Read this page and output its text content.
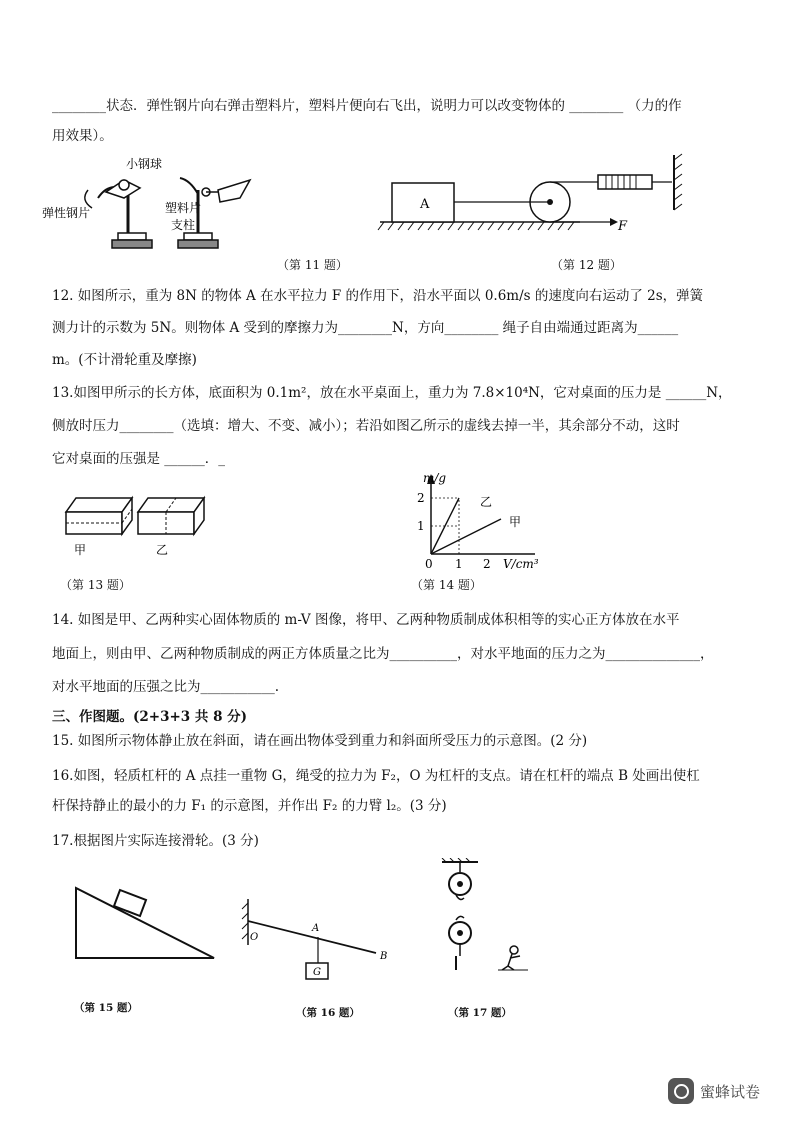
________状态．弹性钢片向右弹击塑料片，塑料片便向右飞出，说明力可以改变物体的 ________ （力的作
用效果）。
小钢球
塑料片
弹性钢片
支柱
（第 11 题）
A
F
（第 12 题）
12. 如图所示，重为 8N 的物体 A 在水平拉力 F 的作用下，沿水平面以 0.6m/s 的速度向右运动了 2s，弹簧
测力计的示数为 5N。则物体 A 受到的摩擦力为________N，方向________ 绳子自由端通过距离为______
m。(不计滑轮重及摩擦)
13.如图甲所示的长方体，底面积为 0.1m²，放在水平桌面上，重力为 7.8×10⁴N，它对桌面的压力是 ______N，
侧放时压力________（选填：增大、不变、减小）；若沿如图乙所示的虚线去掉一半，其余部分不动，这时
它对桌面的压强是 ______．_
甲	乙
（第 13 题）
m/g
V/cm³
0 1 2
1
2	乙
甲
（第 14 题）
14. 如图是甲、乙两种实心固体物质的 m-V 图像，将甲、乙两种物质制成体积相等的实心正方体放在水平
地面上，则由甲、乙两种物质制成的两正方体质量之比为__________，对水平地面的压力之为______________，
对水平地面的压强之比为___________.
三、作图题。(2+3+3 共 8 分)
15. 如图所示物体静止放在斜面，请在画出物体受到重力和斜面所受压力的示意图。(2 分)
16.如图，轻质杠杆的 A 点挂一重物 G，绳受的拉力为 F₂，O 为杠杆的支点。请在杠杆的端点 B 处画出使杠
杆保持静止的最小的力 F₁ 的示意图，并作出 F₂ 的力臂 l₂。(3 分)
17.根据图片实际连接滑轮。(3 分)
（第 15 题）
O
A
B
G
（第 16 题）	（第 17 题）
蜜蜂试卷
